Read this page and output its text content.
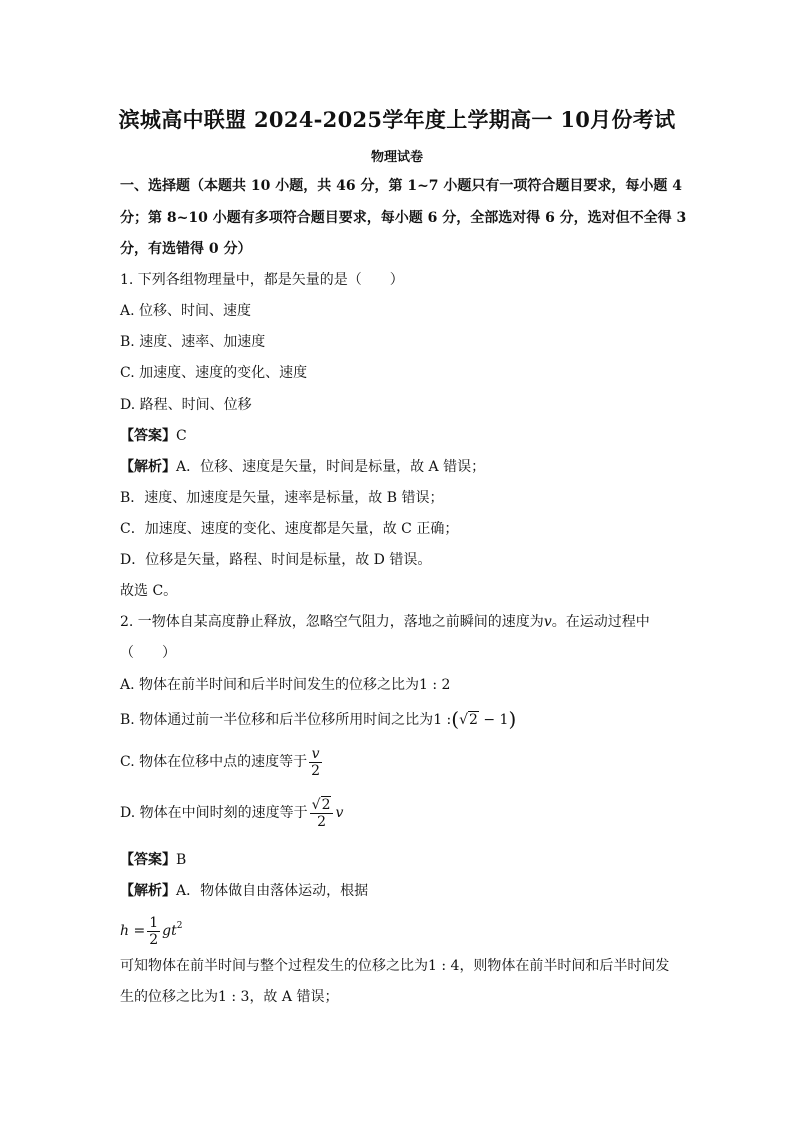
滨城高中联盟 2024-2025学年度上学期高一 10月份考试
物理试卷
一、选择题（本题共 10 小题，共 46 分，第 1~7 小题只有一项符合题目要求，每小题 4
分；第 8~10 小题有多项符合题目要求，每小题 6 分，全部选对得 6 分，选对但不全得 3
分，有选错得 0 分）
1. 下列各组物理量中，都是矢量的是（　　）
A. 位移、时间、速度
B. 速度、速率、加速度
C. 加速度、速度的变化、速度
D. 路程、时间、位移
【答案】C
【解析】A．位移、速度是矢量，时间是标量，故 A 错误；
B．速度、加速度是矢量，速率是标量，故 B 错误；
C．加速度、速度的变化、速度都是矢量，故 C 正确；
D．位移是矢量，路程、时间是标量，故 D 错误。
故选 C。
2. 一物体自某高度静止释放，忽略空气阻力，落地之前瞬间的速度为v。在运动过程中
（　　）
A. 物体在前半时间和后半时间发生的位移之比为1 : 2
B. 物体通过前一半位移和后半位移所用时间之比为1 :(√2 − 1)
C. 物体在位移中点的速度等于 $\frac{v}{2}$
D. 物体在中间时刻的速度等于 $\frac{√2}{2}$ v
【答案】B
【解析】A．物体做自由落体运动，根据
$h = \frac{1}{2} gt^2$
可知物体在前半时间与整个过程发生的位移之比为1 : 4，则物体在前半时间和后半时间发
生的位移之比为1 : 3，故 A 错误；
